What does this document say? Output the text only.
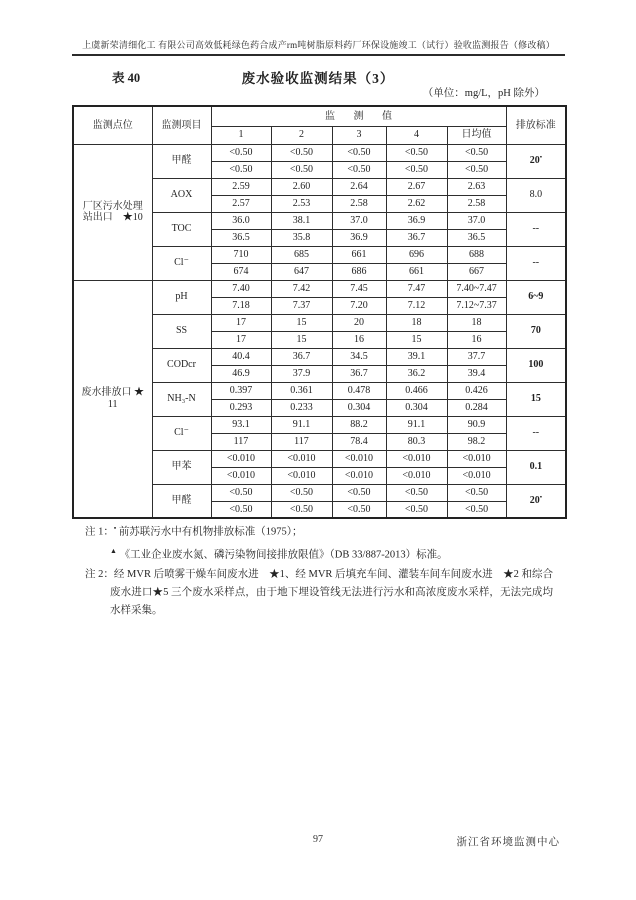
上虞新荣清细化工 有限公司高效低耗绿色药合成产rm吨树脂原料药厂环保设施竣工（试行）验收监测报告（修改稿）
表 40	废水验收监测结果（3）
（单位：mg/L，pH 除外）
监测点位	监测项目	监 测 值					排放标准
		1	2	3	4	日均值	
厂区污水处理
站出口　★10	甲醛	<0.50	<0.50	<0.50	<0.50	<0.50	20▪
		<0.50	<0.50	<0.50	<0.50	<0.50	
	AOX	2.59	2.60	2.64	2.67	2.63	8.0
		2.57	2.53	2.58	2.62	2.58	
	TOC	36.0	38.1	37.0	36.9	37.0	--
		36.5	35.8	36.9	36.7	36.5	
	Cl⁻	710	685	661	696	688	--
		674	647	686	661	667	
废水排放口 ★
11	pH	7.40	7.42	7.45	7.47	7.40~7.47	6~9
		7.18	7.37	7.20	7.12	7.12~7.37	
	SS	17	15	20	18	18	70
		17	15	16	15	16	
	CODcr	40.4	36.7	34.5	39.1	37.7	100
		46.9	37.9	36.7	36.2	39.4	
	NH₃-N	0.397	0.361	0.478	0.466	0.426	15
		0.293	0.233	0.304	0.304	0.284	
	Cl⁻	93.1	91.1	88.2	91.1	90.9	--
		117	117	78.4	80.3	98.2	
	甲苯	<0.010	<0.010	<0.010	<0.010	<0.010	0.1
		<0.010	<0.010	<0.010	<0.010	<0.010	
	甲醛	<0.50	<0.50	<0.50	<0.50	<0.50	20▪
		<0.50	<0.50	<0.50	<0.50	<0.50	
注 1：▪ 前苏联污水中有机物排放标准（1975）；
▲ 《工业企业废水氮、磷污染物间接排放限值》（DB 33/887-2013）标准。
注 2：经 MVR 后喷雾干燥车间废水进　★1、经 MVR 后填充车间、灌装车间车间废水进　★2 和综合废水进口★5 三个废水采样点，由于地下埋设管线无法进行污水和高浓度废水采样，无法完成均水样采集。
97	浙江省环境监测中心
